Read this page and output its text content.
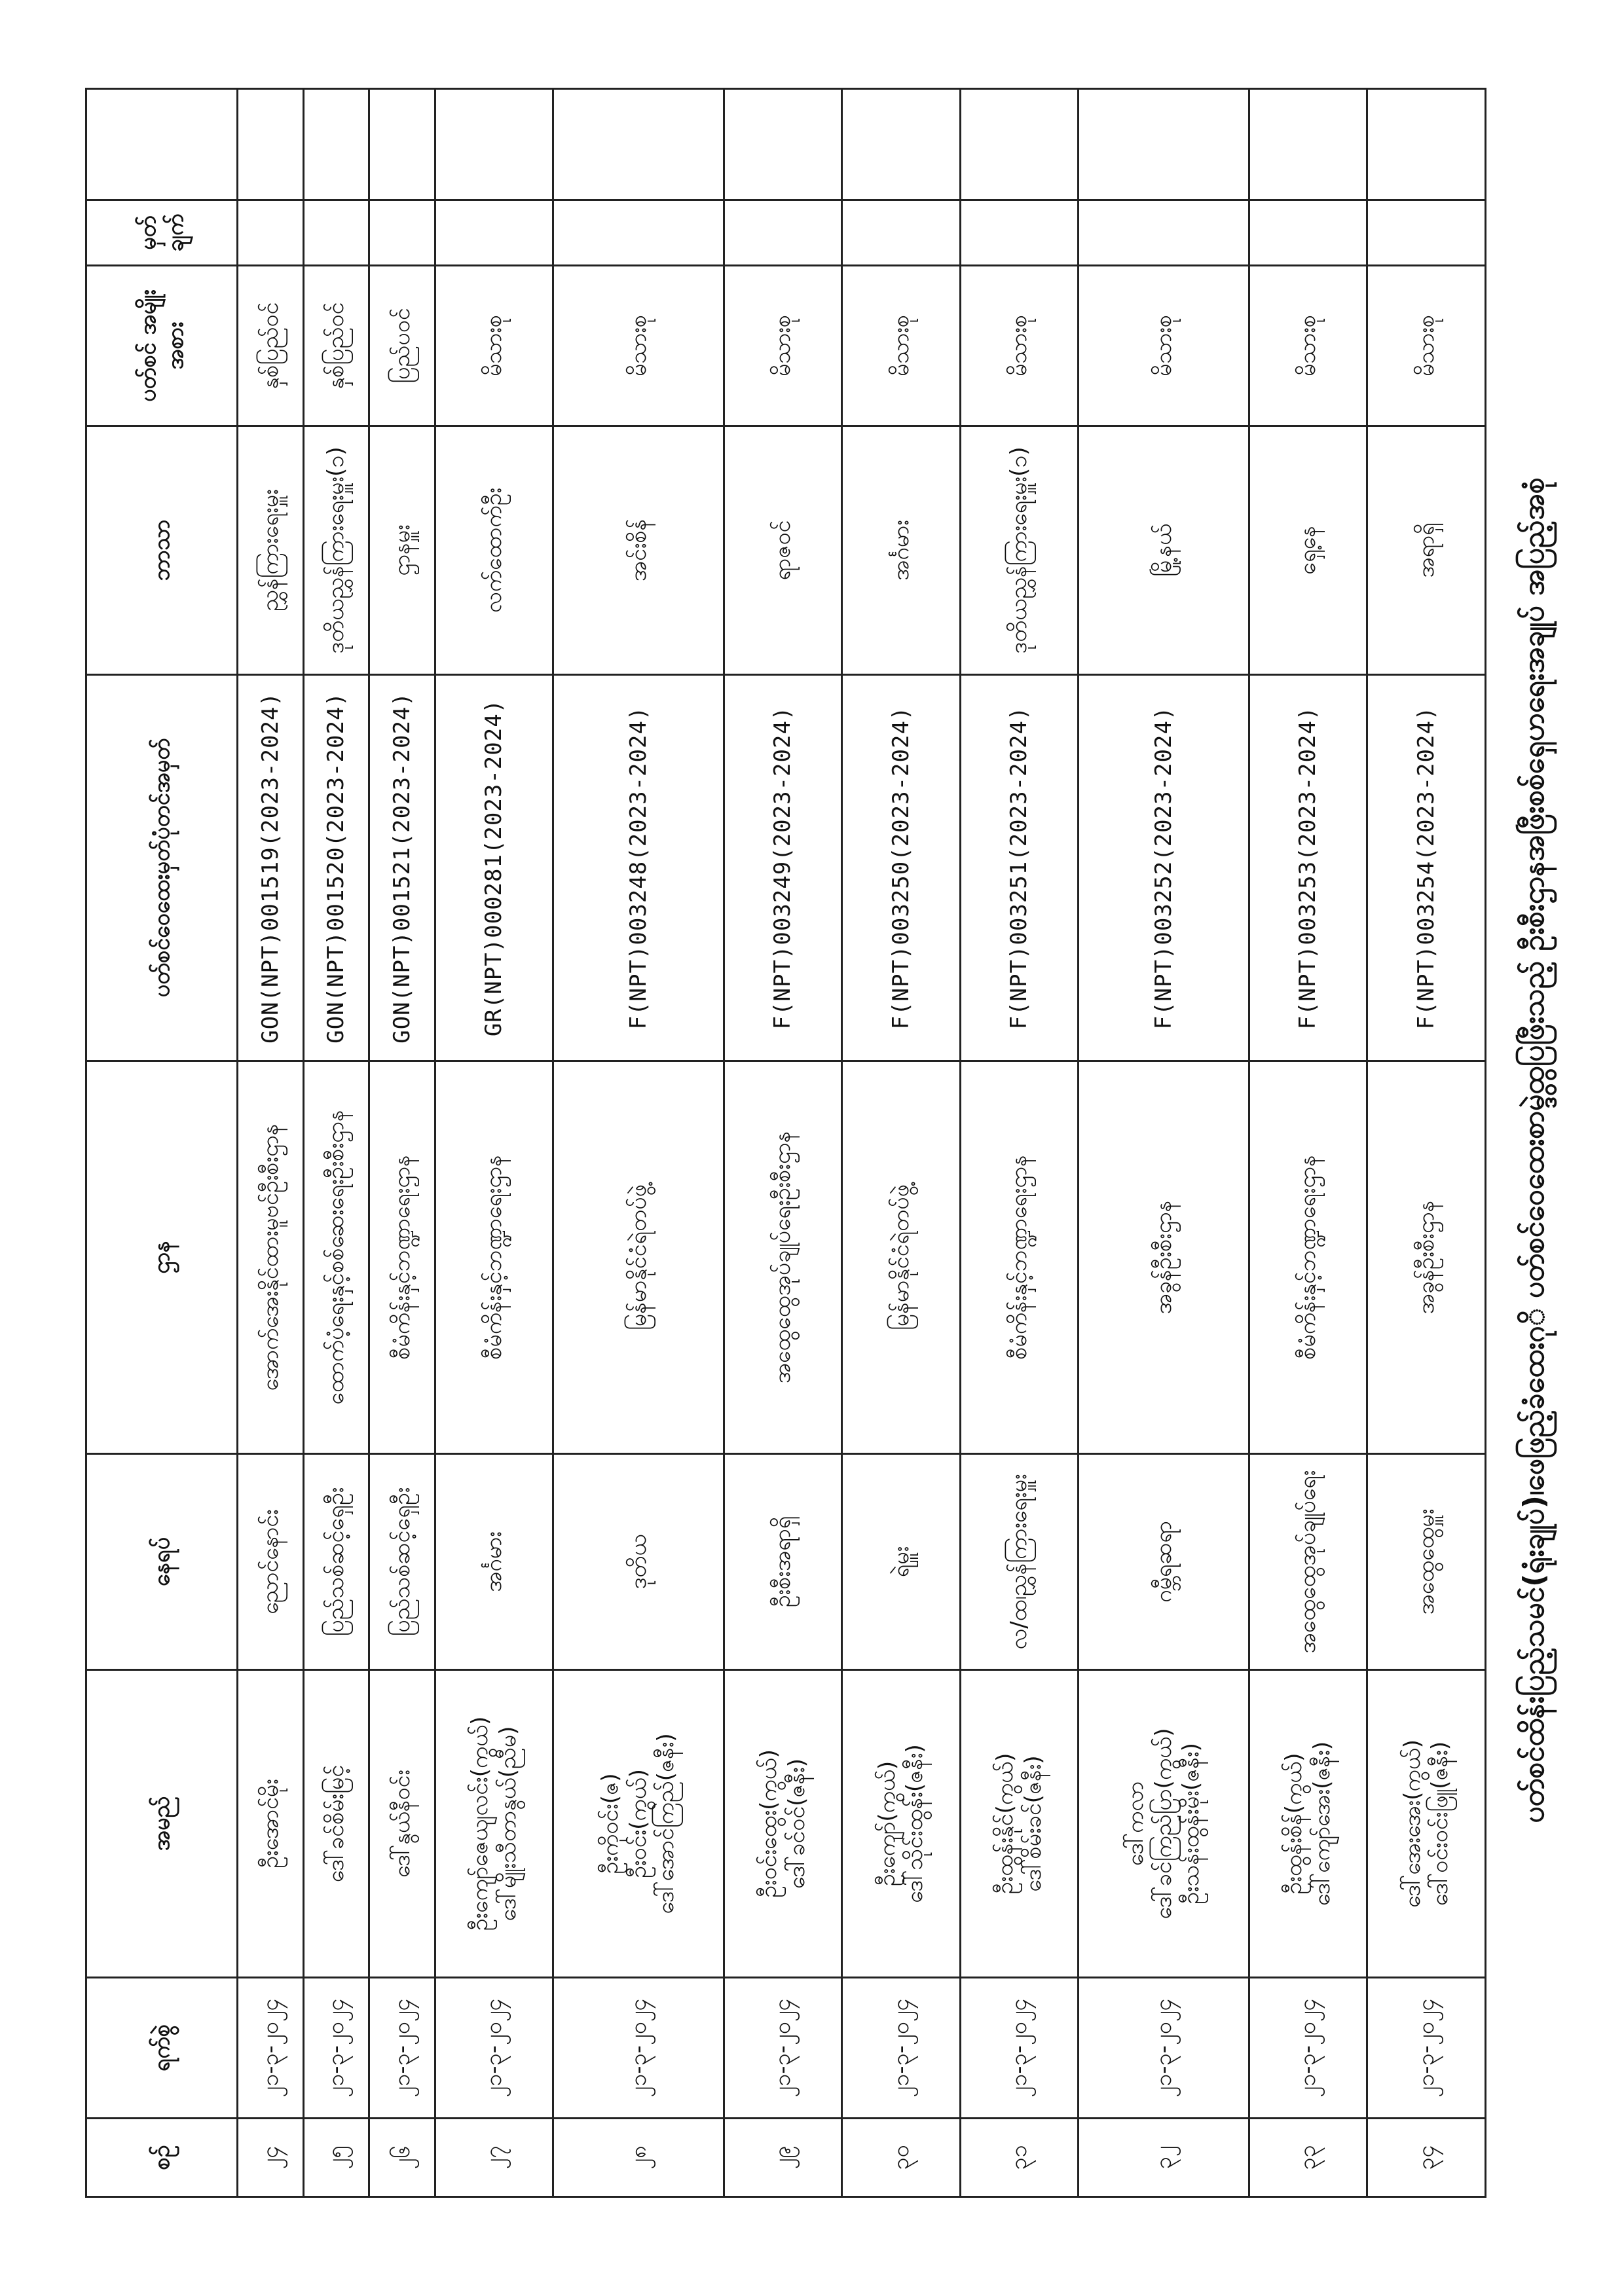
ပတ်စင်ထိန်းပြည့်သမင်(ရုံးချုပ်)၊ဖေဖြည့်ခံထေးဂုိ ပတ်စင်ဝေထေးစာမ္ဒွဲထွပြဖြီးသည့် ဦးစီးဌာနအဖြီးစစ်ရှေဟရေးအချုပ် အပြည့်အစုံ
စဉ်	ရက်စွဲ	အမည်	နေရပ်	ဌာန	ပတ်စင်ဝေထေးမှတ်ပုံတင်အမှတ်	ဘာသာ	ပတ်စင် အမျိုးအစား	မှတ် ချက်	
၂၄	၂၁-၃-၂၀၂၄	ဦးအောင်မိုး	ညောင်နောင်း	အောက်အေးနိုင်ထားမူဗင်ဦးစီးဌာန	GON(NPT)001519(2023-2024)	ညွှန်ကြားရေးမှူး	နှစ်ပြည်ဝင်		
၂၅	၂၁-၃-၂၀၂၄	ဒေါ်ခင်စိမ်းမြင့်	ပြည်သစ်ဆင့်ရှေဦး	ထောက်ပံ့ရေးနှင့်စစ်ဆေးရေးဦးစီးဌာန	GON(NPT)001520(2023-2024)	ဒုတိယညွှန်ကြားရေးမှူး(၁)	နှစ်ပြည်ဝင်		
၂၆	၂၁-၃-၂၀၂၄	ဒေါ်နွယ်နီဝင်း	ပြည်သစ်ဆင့်ရှေဦး	စီမံကိန်းနှင့်ဘဏ္ဍာရေးဌာန	GON(NPT)001521(2023-2024)	ဌာနမှူး	ပြည်ပဝင်		
၂၇	၂၁-၃-၂၀၂၄	ဦးကျော်ဇေယျလင်း(ကွယ်) ဒေါ်မျိုးသီတာနွယ်(ညီမ)	အင်္ဂမား	စီမံကိန်းနှင့်ဘဏ္ဍာရေးဌာန	GR(NPT)000281(2023-2024)	လက်ထောက်ဦး	မိသားစု		
၂၈	၂၁-၃-၂၀၂၄	ဦးကိုဝင်း(ဇ) ဦးဝင်း(ကွယ်) ဒေါ်အောင်ကြည်(ဇနီး)	ဒုတိယ	မြန်မာနိုင်ငံရဲတပ်ဖွဲ့	F(NPT)003248(2023-2024)	အင်းစိန်	မိသားစု		
၂၉	၂၁-၃-၂၀၂၄	ဦးဝင်းထွေး(ကွယ်) ဒေါ်ခင်ဝင်(ဇနီး)	ဦးစီးအရာရှိ	အထွေထွေအုပ်ချုပ်ရေးဦးစီးဌာန	F(NPT)003249(2023-2024)	ရာဇဝင်	မိသားစု		
၃၀	၂၁-၃-၂၀၂၄	ဦးကျော်(ကွယ်) ဒေါ်သိုင်းထွန်း(ဇနီး)	ရဲမှူး	မြန်မာနိုင်ငံရဲတပ်ဖွဲ့	F(NPT)003250(2023-2024)	အင်္ဂမား	မိသားစု		
၃၁	၂၁-၃-၂၀၂၄	ဦးထွန်းနိုင်(ကွယ်) ဒေါ်စိမ်းခင်(ဇနီး)	လ/ထ၊ညွှန်ကြားရေးမှူး	စီမံကိန်းနှင့်ဘဏ္ဍာရေးဌာန	F(NPT)003251(2023-2024)	ဒုတိယညွှန်ကြားရေးမှူး(၁)	မိသားစု		
၃၂	၂၁-၃-၂၀၂၄	ဒေါ်ကလာ ဒေါ်ခင်ကြည်ပြာ(ကွယ်) ဦးသန်းထွန်းမိုး(ဇနီး)	ဂမ္ဘီရဆရာ	အခွန်ဦးစီးဌာန	F(NPT)003252(2023-2024)	မြို့နယ်	မိသားစု		
၃၃	၂၁-၃-၂၀၂၄	ဦးထွန်းစိန်(ကွယ်) ဒေါ်ကျော်အေး(ဇနီး)	အထွေထွေအုပ်ချုပ်ရေး	စီမံကိန်းနှင့်ဘဏ္ဍာရေးဌာန	F(NPT)003253(2023-2024)	ရှေ့နေ	မိသားစု		
၃၄	၂၁-၃-၂၀၂၄	ဒေါ်အေးအေး(ကွယ်) ဒေါ်ဝင်းဝင်းဖြူ(ဇနီး)	အထွေထွေမှူး	အခွန်ဦးစီးဌာန	F(NPT)003254(2023-2024)	အရာရှိ	မိသားစု		
